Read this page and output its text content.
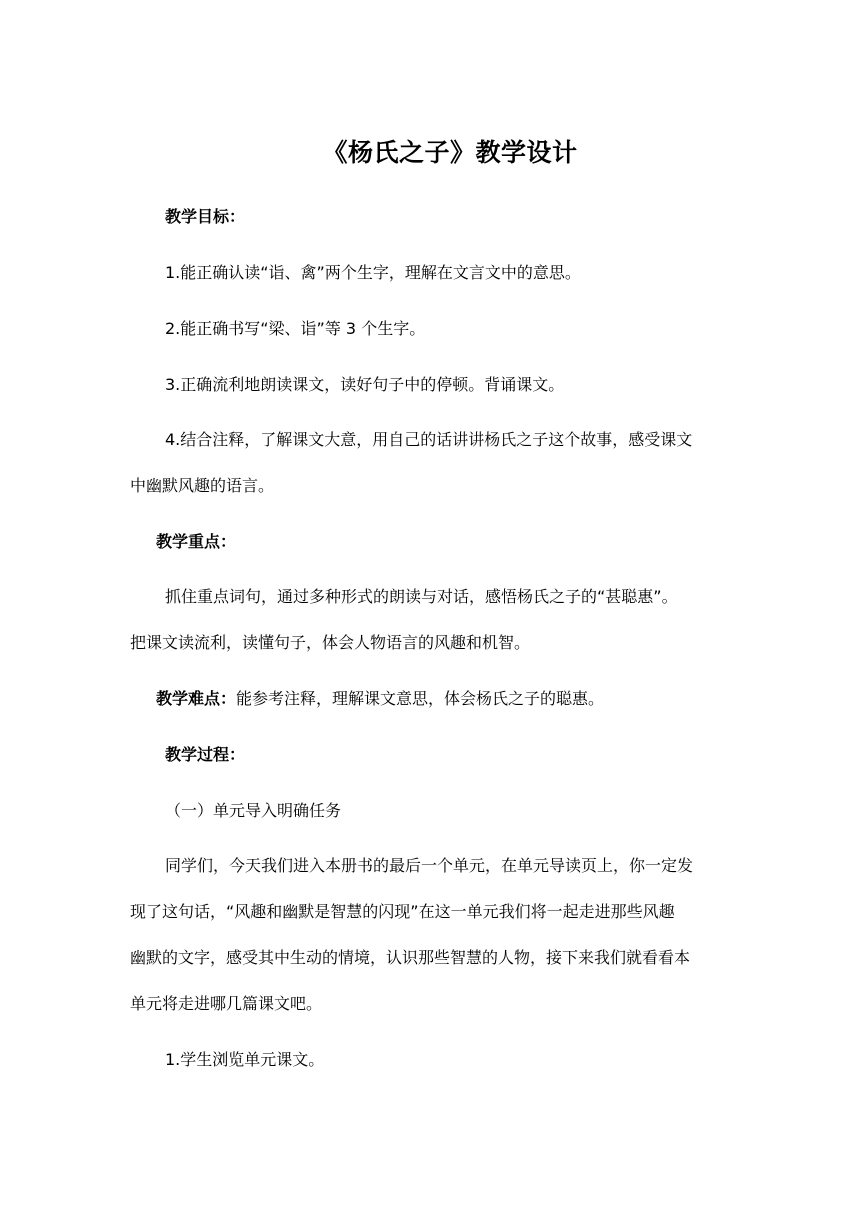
《杨氏之子》教学设计
教学目标：
1.能正确认读“诣、禽”两个生字，理解在文言文中的意思。
2.能正确书写“梁、诣”等 3 个生字。
3.正确流利地朗读课文，读好句子中的停顿。背诵课文。
4.结合注释，了解课文大意，用自己的话讲讲杨氏之子这个故事，感受课文
中幽默风趣的语言。
教学重点：
抓住重点词句，通过多种形式的朗读与对话，感悟杨氏之子的“甚聪惠”。
把课文读流利，读懂句子，体会人物语言的风趣和机智。
教学难点：能参考注释，理解课文意思，体会杨氏之子的聪惠。
教学过程：
（一）单元导入明确任务
同学们，今天我们进入本册书的最后一个单元，在单元导读页上，你一定发
现了这句话，“风趣和幽默是智慧的闪现”在这一单元我们将一起走进那些风趣
幽默的文字，感受其中生动的情境，认识那些智慧的人物，接下来我们就看看本
单元将走进哪几篇课文吧。
1.学生浏览单元课文。
